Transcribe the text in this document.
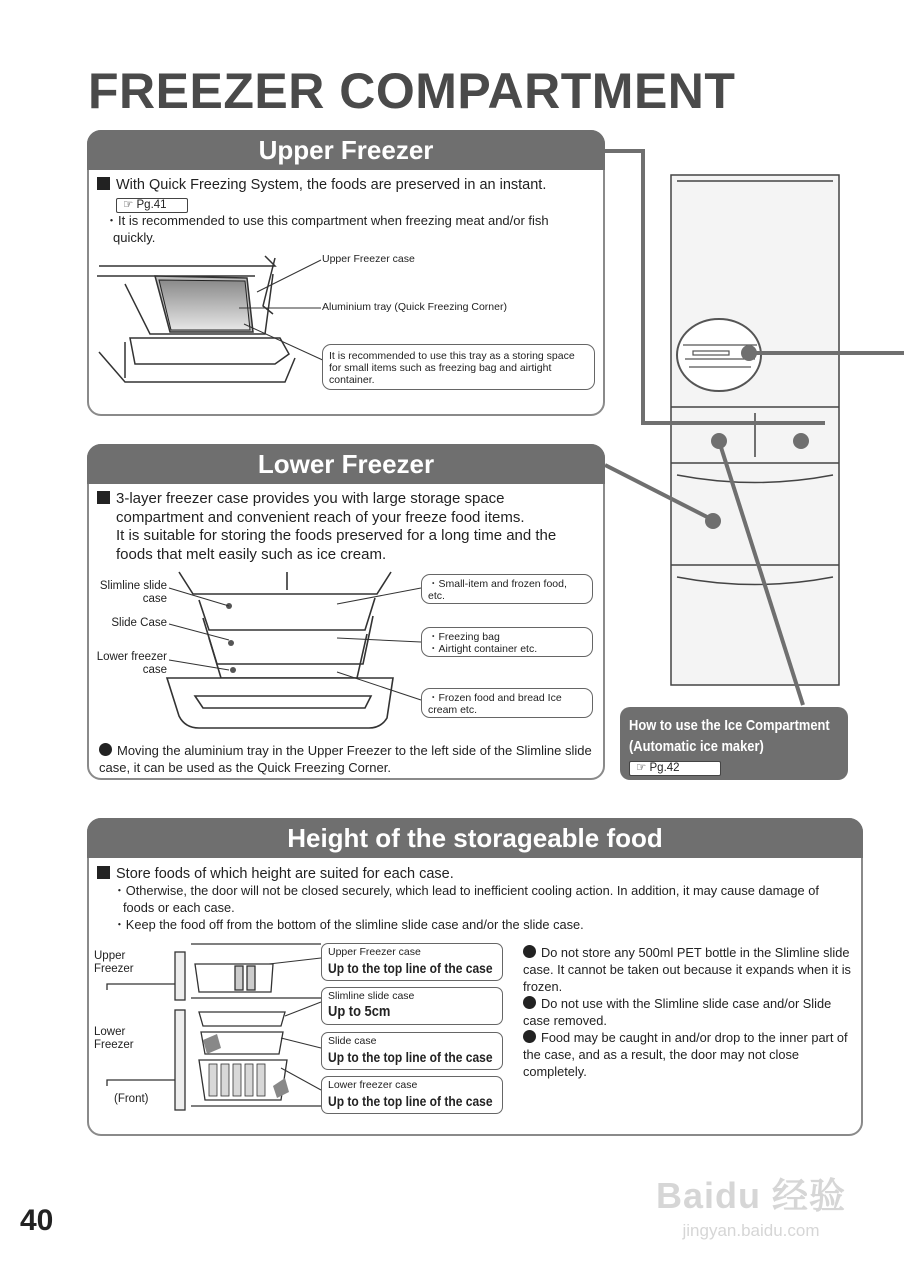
FREEZER COMPARTMENT
Upper Freezer
With Quick Freezing System, the foods are preserved in an instant.
☞ Pg.41
・It is recommended to use this compartment when freezing meat and/or fish quickly.
Upper Freezer case
Aluminium tray (Quick Freezing Corner)
It is recommended to use this tray as a storing space for small items such as freezing bag and airtight container.
Lower Freezer
3-layer freezer case provides you with large storage space
compartment and convenient reach of your freeze food items.
It is suitable for storing the foods preserved for a long time and the
foods that melt easily such as ice cream.
Slimline slide case
Slide Case
Lower freezer case
・Small-item and frozen food, etc.
・Freezing bag
・Airtight container etc.
・Frozen food and bread Ice cream etc.
Moving the aluminium tray in the Upper Freezer to the left side of the Slimline slide case, it can be used as the Quick Freezing Corner.
How to use the Ice Compartment
(Automatic ice maker)
☞ Pg.42
Height of the storageable food
Store foods of which height are suited for each case.
・Otherwise, the door will not be closed securely, which lead to inefficient cooling action. In addition, it may cause damage of foods or each case.
・Keep the food off from the bottom of the slimline slide case and/or the slide case.
Upper Freezer
Lower Freezer
(Front)
Upper Freezer case
Up to the top line of the case
Slimline slide case
Up to 5cm
Slide case
Up to the top line of the case
Lower freezer case
Up to the top line of the case
Do not store any 500ml PET bottle in the Slimline slide case. It cannot be taken out because it expands when it is frozen.
Do not use with the Slimline slide case and/or Slide case removed.
Food may be caught in and/or drop to the inner part of the case, and as a result, the door may not close completely.
40
Baidu 经验
jingyan.baidu.com
